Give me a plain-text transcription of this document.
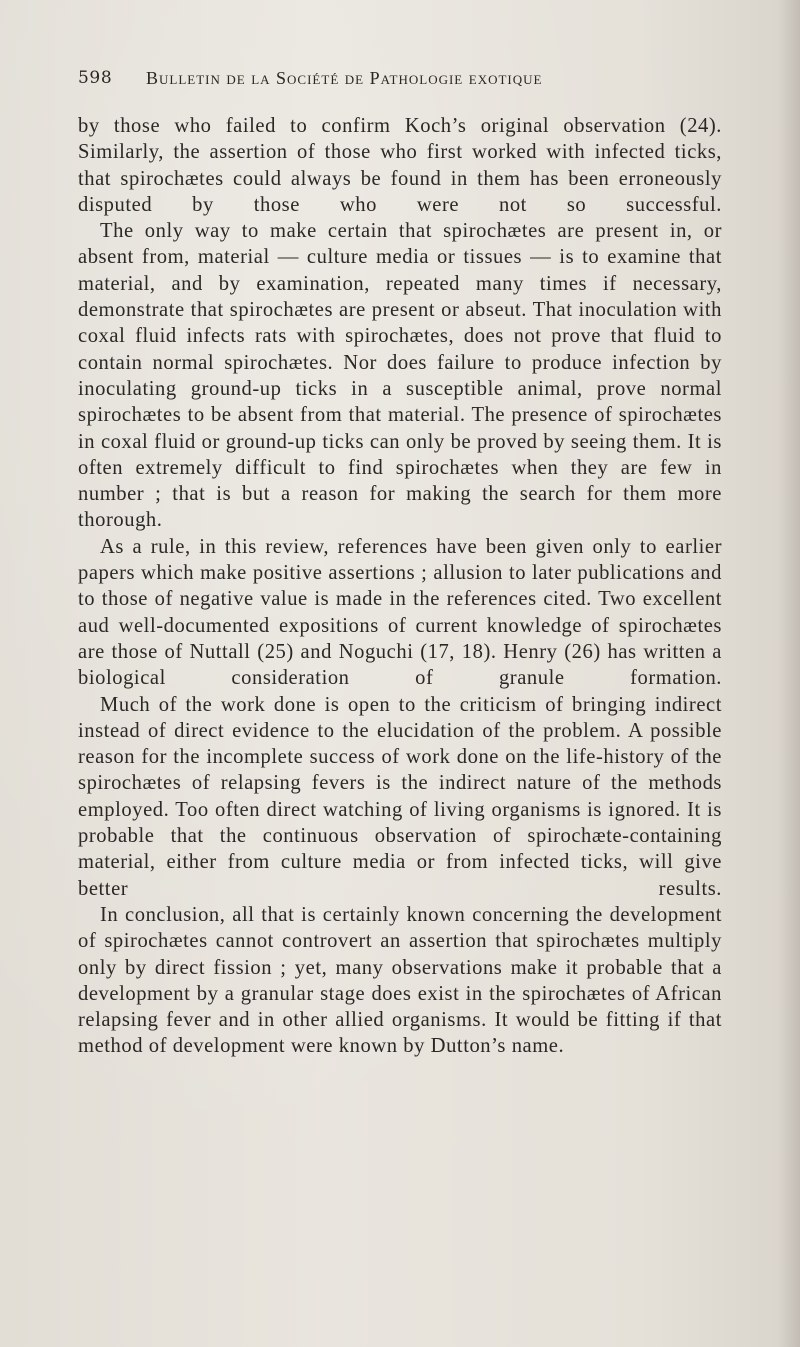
598 Bulletin de la Société de Pathologie exotique

by those who failed to confirm Koch’s original observation (24). Similarly, the assertion of those who first worked with infected ticks, that spirochætes could always be found in them has been erroneously disputed by those who were not so successful.

The only way to make certain that spirochætes are present in, or absent from, material — culture media or tissues — is to examine that material, and by examination, repeated many times if necessary, demonstrate that spirochætes are present or abseut. That inoculation with coxal fluid infects rats with spirochætes, does not prove that fluid to contain normal spirochætes. Nor does failure to produce infection by inoculating ground-up ticks in a susceptible animal, prove normal spirochætes to be absent from that material. The presence of spirochætes in coxal fluid or ground-up ticks can only be proved by seeing them. It is often extremely difficult to find spirochætes when they are few in number ; that is but a reason for making the search for them more thorough.

As a rule, in this review, references have been given only to earlier papers which make positive assertions ; allusion to later publications and to those of negative value is made in the references cited. Two excellent aud well-documented expositions of current knowledge of spirochætes are those of Nuttall (25) and Noguchi (17, 18). Henry (26) has written a biological consideration of granule formation.

Much of the work done is open to the criticism of bringing indirect instead of direct evidence to the elucidation of the problem. A possible reason for the incomplete success of work done on the life-history of the spirochætes of relapsing fevers is the indirect nature of the methods employed. Too often direct watching of living organisms is ignored. It is probable that the continuous observation of spirochæte-containing material, either from culture media or from infected ticks, will give better results.

In conclusion, all that is certainly known concerning the development of spirochætes cannot controvert an assertion that spirochætes multiply only by direct fission ; yet, many observations make it probable that a development by a granular stage does exist in the spirochætes of African relapsing fever and in other allied organisms. It would be fitting if that method of development were known by Dutton’s name.
